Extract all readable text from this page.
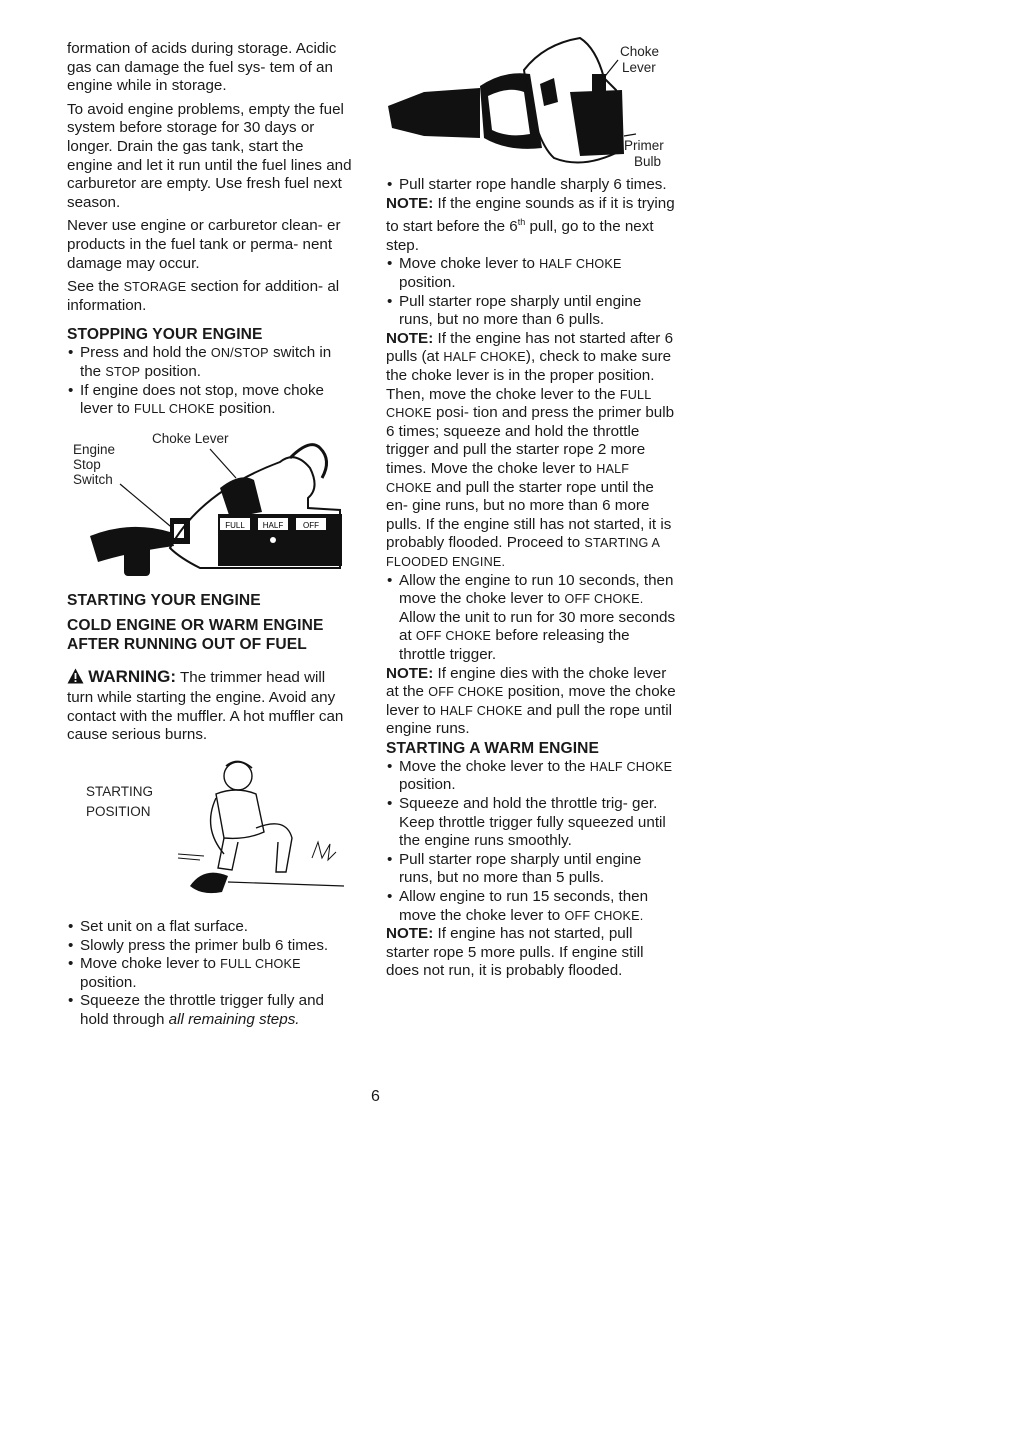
formation of acids during storage. Acidic gas can damage the fuel sys- tem of an engine while in storage.

To avoid engine problems, empty the fuel system before storage for 30 days or longer. Drain the gas tank, start the engine and let it run until the fuel lines and carburetor are empty. Use fresh fuel next season.

Never use engine or carburetor clean- er products in the fuel tank or perma- nent damage may occur.

See the STORAGE section for addition- al information.

STOPPING YOUR ENGINE

• Press and hold the ON/STOP switch in the STOP position.

• If engine does not stop, move choke lever to FULL CHOKE position.

STARTING YOUR ENGINE
COLD ENGINE OR WARM ENGINE AFTER RUNNING OUT OF FUEL

WARNING: The trimmer head will turn while starting the engine. Avoid any contact with the muffler. A hot muffler can cause serious burns.

• Set unit on a flat surface.

• Slowly press the primer bulb 6 times.

• Move choke lever to FULL CHOKE position.

• Squeeze the throttle trigger fully and hold through all remaining steps.

Engine
Stop
Switch
Choke Lever
FULL HALF OFF
STARTING
POSITION
Choke
Lever
Primer
Bulb

• Pull starter rope handle sharply 6 times.

NOTE: If the engine sounds as if it is trying to start before the 6th pull, go to the next step.

• Move choke lever to HALF CHOKE position.

• Pull starter rope sharply until engine runs, but no more than 6 pulls.

NOTE: If the engine has not started after 6 pulls (at HALF CHOKE), check to make sure the choke lever is in the proper position. Then, move the choke lever to the FULL CHOKE posi- tion and press the primer bulb 6 times; squeeze and hold the throttle trigger and pull the starter rope 2 more times. Move the choke lever to HALF CHOKE and pull the starter rope until the en- gine runs, but no more than 6 more pulls. If the engine still has not started, it is probably flooded. Proceed to STARTING A FLOODED ENGINE.

• Allow the engine to run 10 seconds, then move the choke lever to OFF CHOKE. Allow the unit to run for 30 more seconds at OFF CHOKE before releasing the throttle trigger.

NOTE: If engine dies with the choke lever at the OFF CHOKE position, move the choke lever to HALF CHOKE and pull the rope until engine runs.

STARTING A WARM ENGINE

• Move the choke lever to the HALF CHOKE position.

• Squeeze and hold the throttle trig- ger. Keep throttle trigger fully squeezed until the engine runs smoothly.

• Pull starter rope sharply until engine runs, but no more than 5 pulls.

• Allow engine to run 15 seconds, then move the choke lever to OFF CHOKE.

NOTE: If engine has not started, pull starter rope 5 more pulls. If engine still does not run, it is probably flooded.

6
